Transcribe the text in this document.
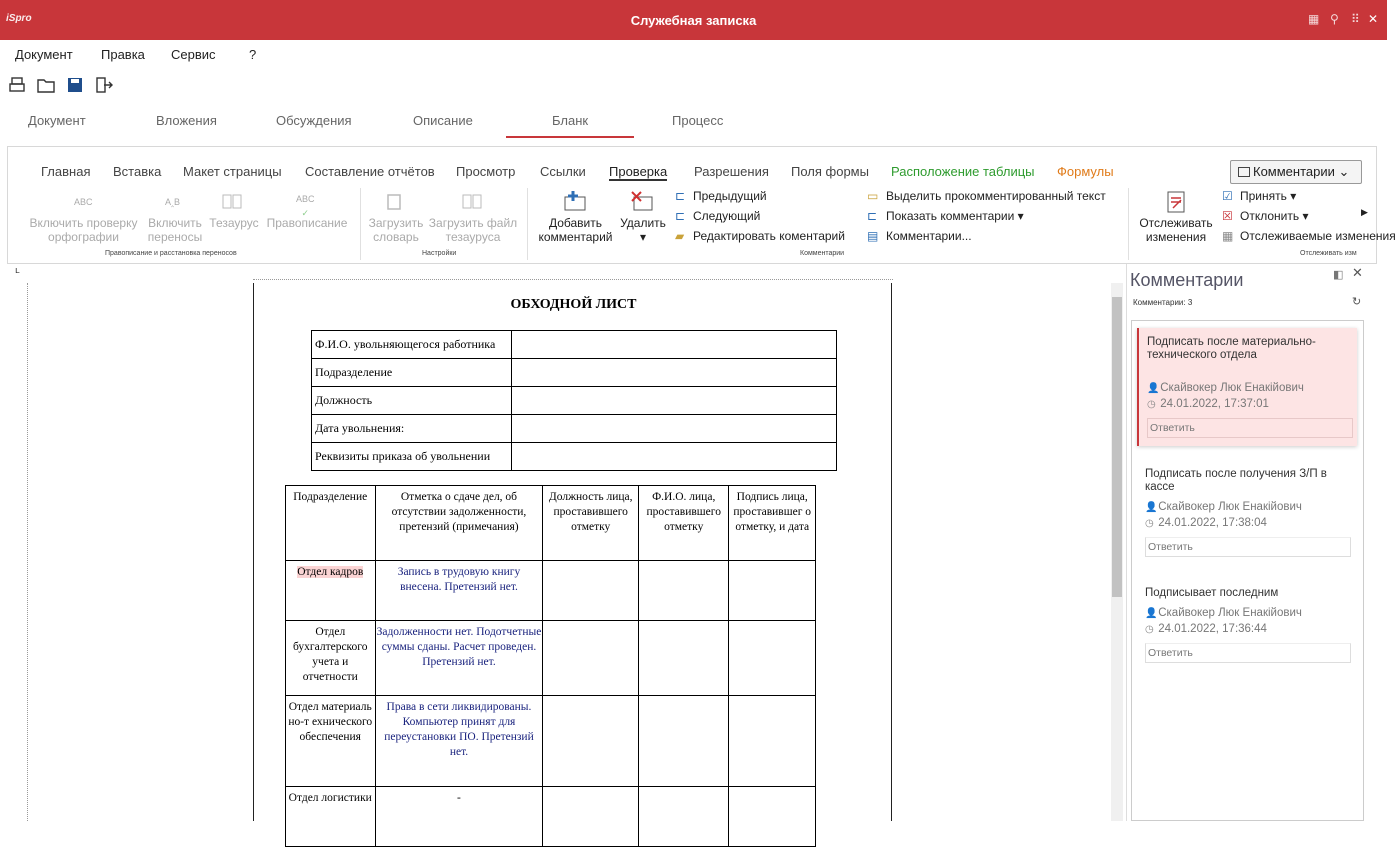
iSpro	Служебная записка	▦ ⚲ ⠿ ✕
Документ Правка Сервис	?
Документ	Вложения	Обсуждения	Описание	Бланк	Процесс
Главная Вставка Макет страницы Составление отчётов Просмотр Ссылки Проверка Разрешения Поля формы Расположение таблицы Формулы	Комментарии ⌄
ABC
Включить проверку
орфографии
A‸B
Включить
переносы
Тезаурус
ABC
✓
Правописание
Правописание и расстановка переносов
Загрузить
словарь
Загрузить файл
тезауруса
Настройки
Добавить
комментарий
Удалить
▾
⊏ Предыдущий
⊏ Следующий
▰ Редактировать коментарий
▭ Выделить прокомментированный текст
⊏ Показать комментарии ▾
▤ Комментарии...
Комментарии
Отслеживать
изменения
☑ Принять ▾
☒ Отклонить ▾
▦ Отслеживаемые изменения
Отслеживать изм
▶
ʟ
ОБХОДНОЙ ЛИСТ
Ф.И.О. увольняющегося работника	
Подразделение	
Должность	
Дата увольнения:	
Реквизиты приказа об увольнении	
Подразделение	Отметка о сдаче дел, об отсутствии задолженности, претензий (примечания)	Должность лица, проставившего отметку	Ф.И.О. лица, проставившего отметку	Подпись лица, проставившег о отметку, и дата
Отдел кадров	Запись в трудовую книгу внесена. Претензий нет.			
Отдел бухгалтерского учета и отчетности	Задолженности нет. Подотчетные суммы сданы. Расчет проведен. Претензий нет.			
Отдел материально-т ехнического обеспечения	Права в сети ликвидированы. Компьютер принят для переустановки ПО. Претензий нет.			
Отдел логистики	-			
Комментарии	◧ ✕
Комментарии: 3	↻
Подписать после материально-технического отдела
👤 Скайвокер Люк Енакійович
◷ 24.01.2022, 17:37:01
Ответить
Подписать после получения З/П в кассе
👤 Скайвокер Люк Енакійович
◷ 24.01.2022, 17:38:04
Ответить
Подписывает последним
👤 Скайвокер Люк Енакійович
◷ 24.01.2022, 17:36:44
Ответить
